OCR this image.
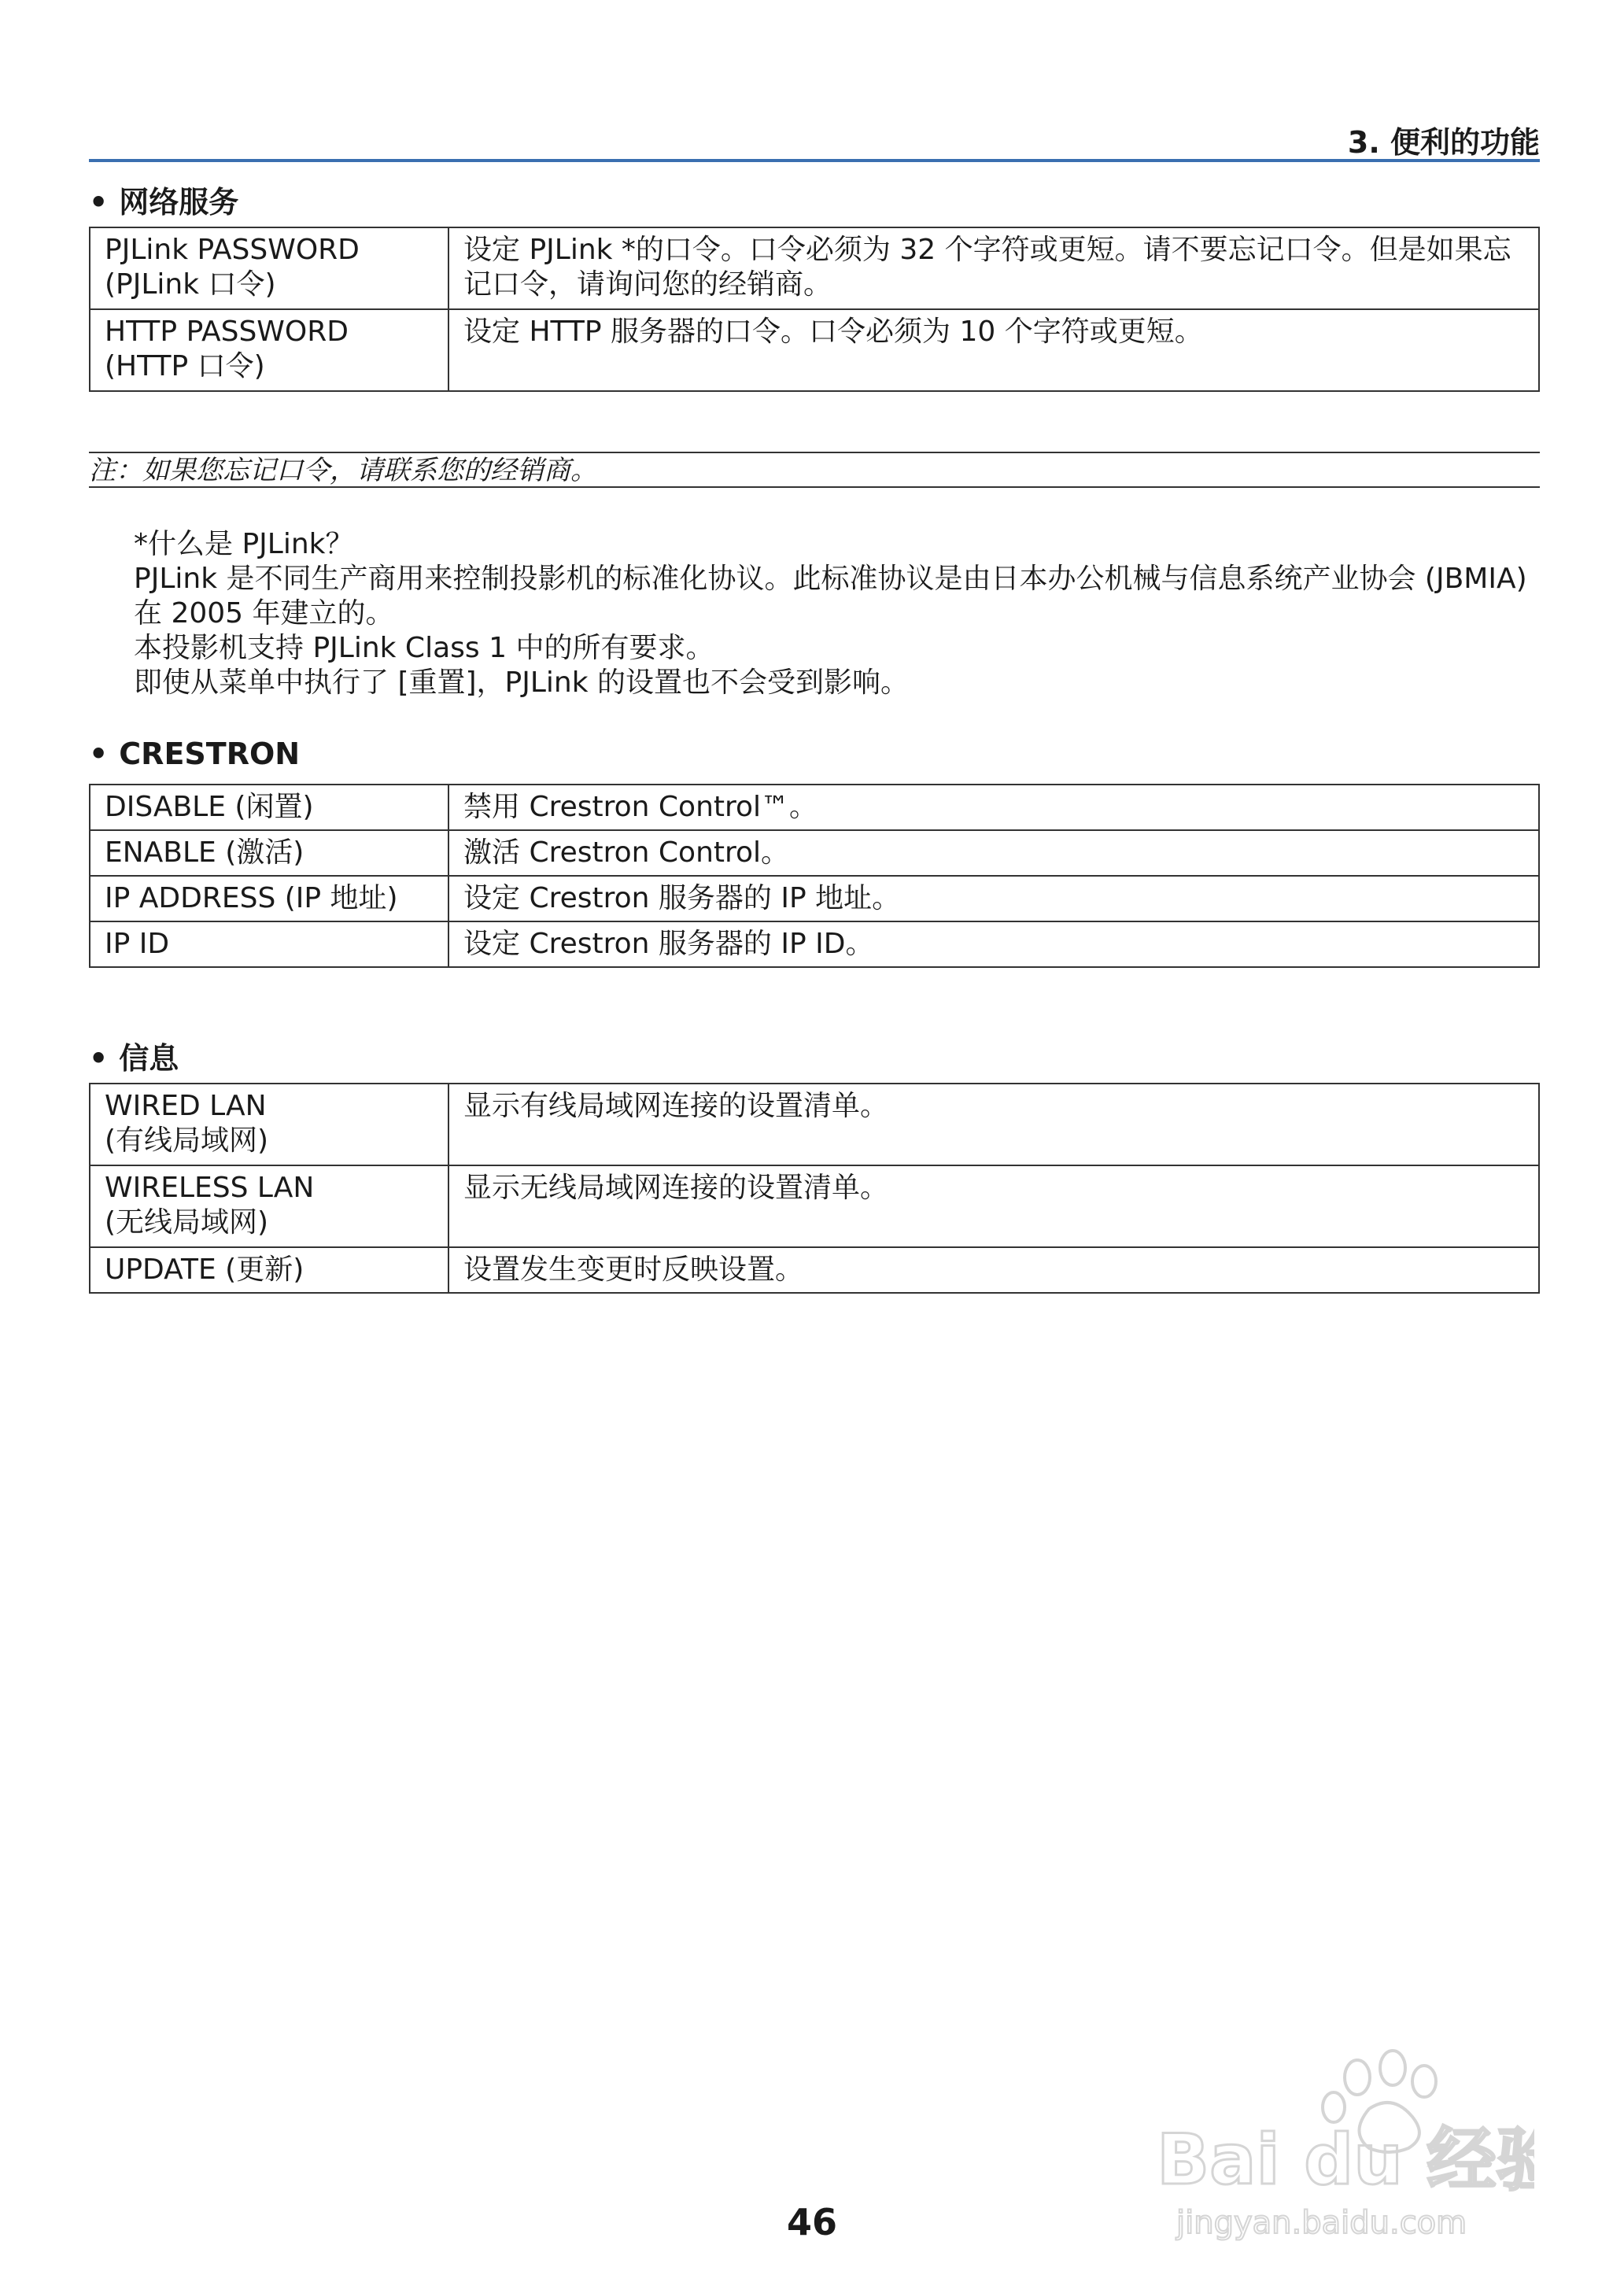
3. 便利的功能
• 网络服务
PJLink PASSWORD
(PJLink 口令)	设定 PJLink *的口令。口令必须为 32 个字符或更短。请不要忘记口令。但是如果忘记口令，请询问您的经销商。
HTTP PASSWORD
(HTTP 口令)	设定 HTTP 服务器的口令。口令必须为 10 个字符或更短。
注：如果您忘记口令，请联系您的经销商。

*什么是 PJLink？

PJLink 是不同生产商用来控制投影机的标准化协议。此标准协议是由日本办公机械与信息系统产业协会 (JBMIA) 在 2005 年建立的。

本投影机支持 PJLink Class 1 中的所有要求。

即使从菜单中执行了 [重置]，PJLink 的设置也不会受到影响。

• CRESTRON
DISABLE (闲置)	禁用 Crestron Control™。
ENABLE (激活)	激活 Crestron Control。
IP ADDRESS (IP 地址)	设定 Crestron 服务器的 IP 地址。
IP ID	设定 Crestron 服务器的 IP ID。
• 信息
WIRED LAN
(有线局域网)	显示有线局域网连接的设置清单。
WIRELESS LAN
(无线局域网)	显示无线局域网连接的设置清单。
UPDATE (更新)	设置发生变更时反映设置。
46
Bai du 经验
jingyan.baidu.com
